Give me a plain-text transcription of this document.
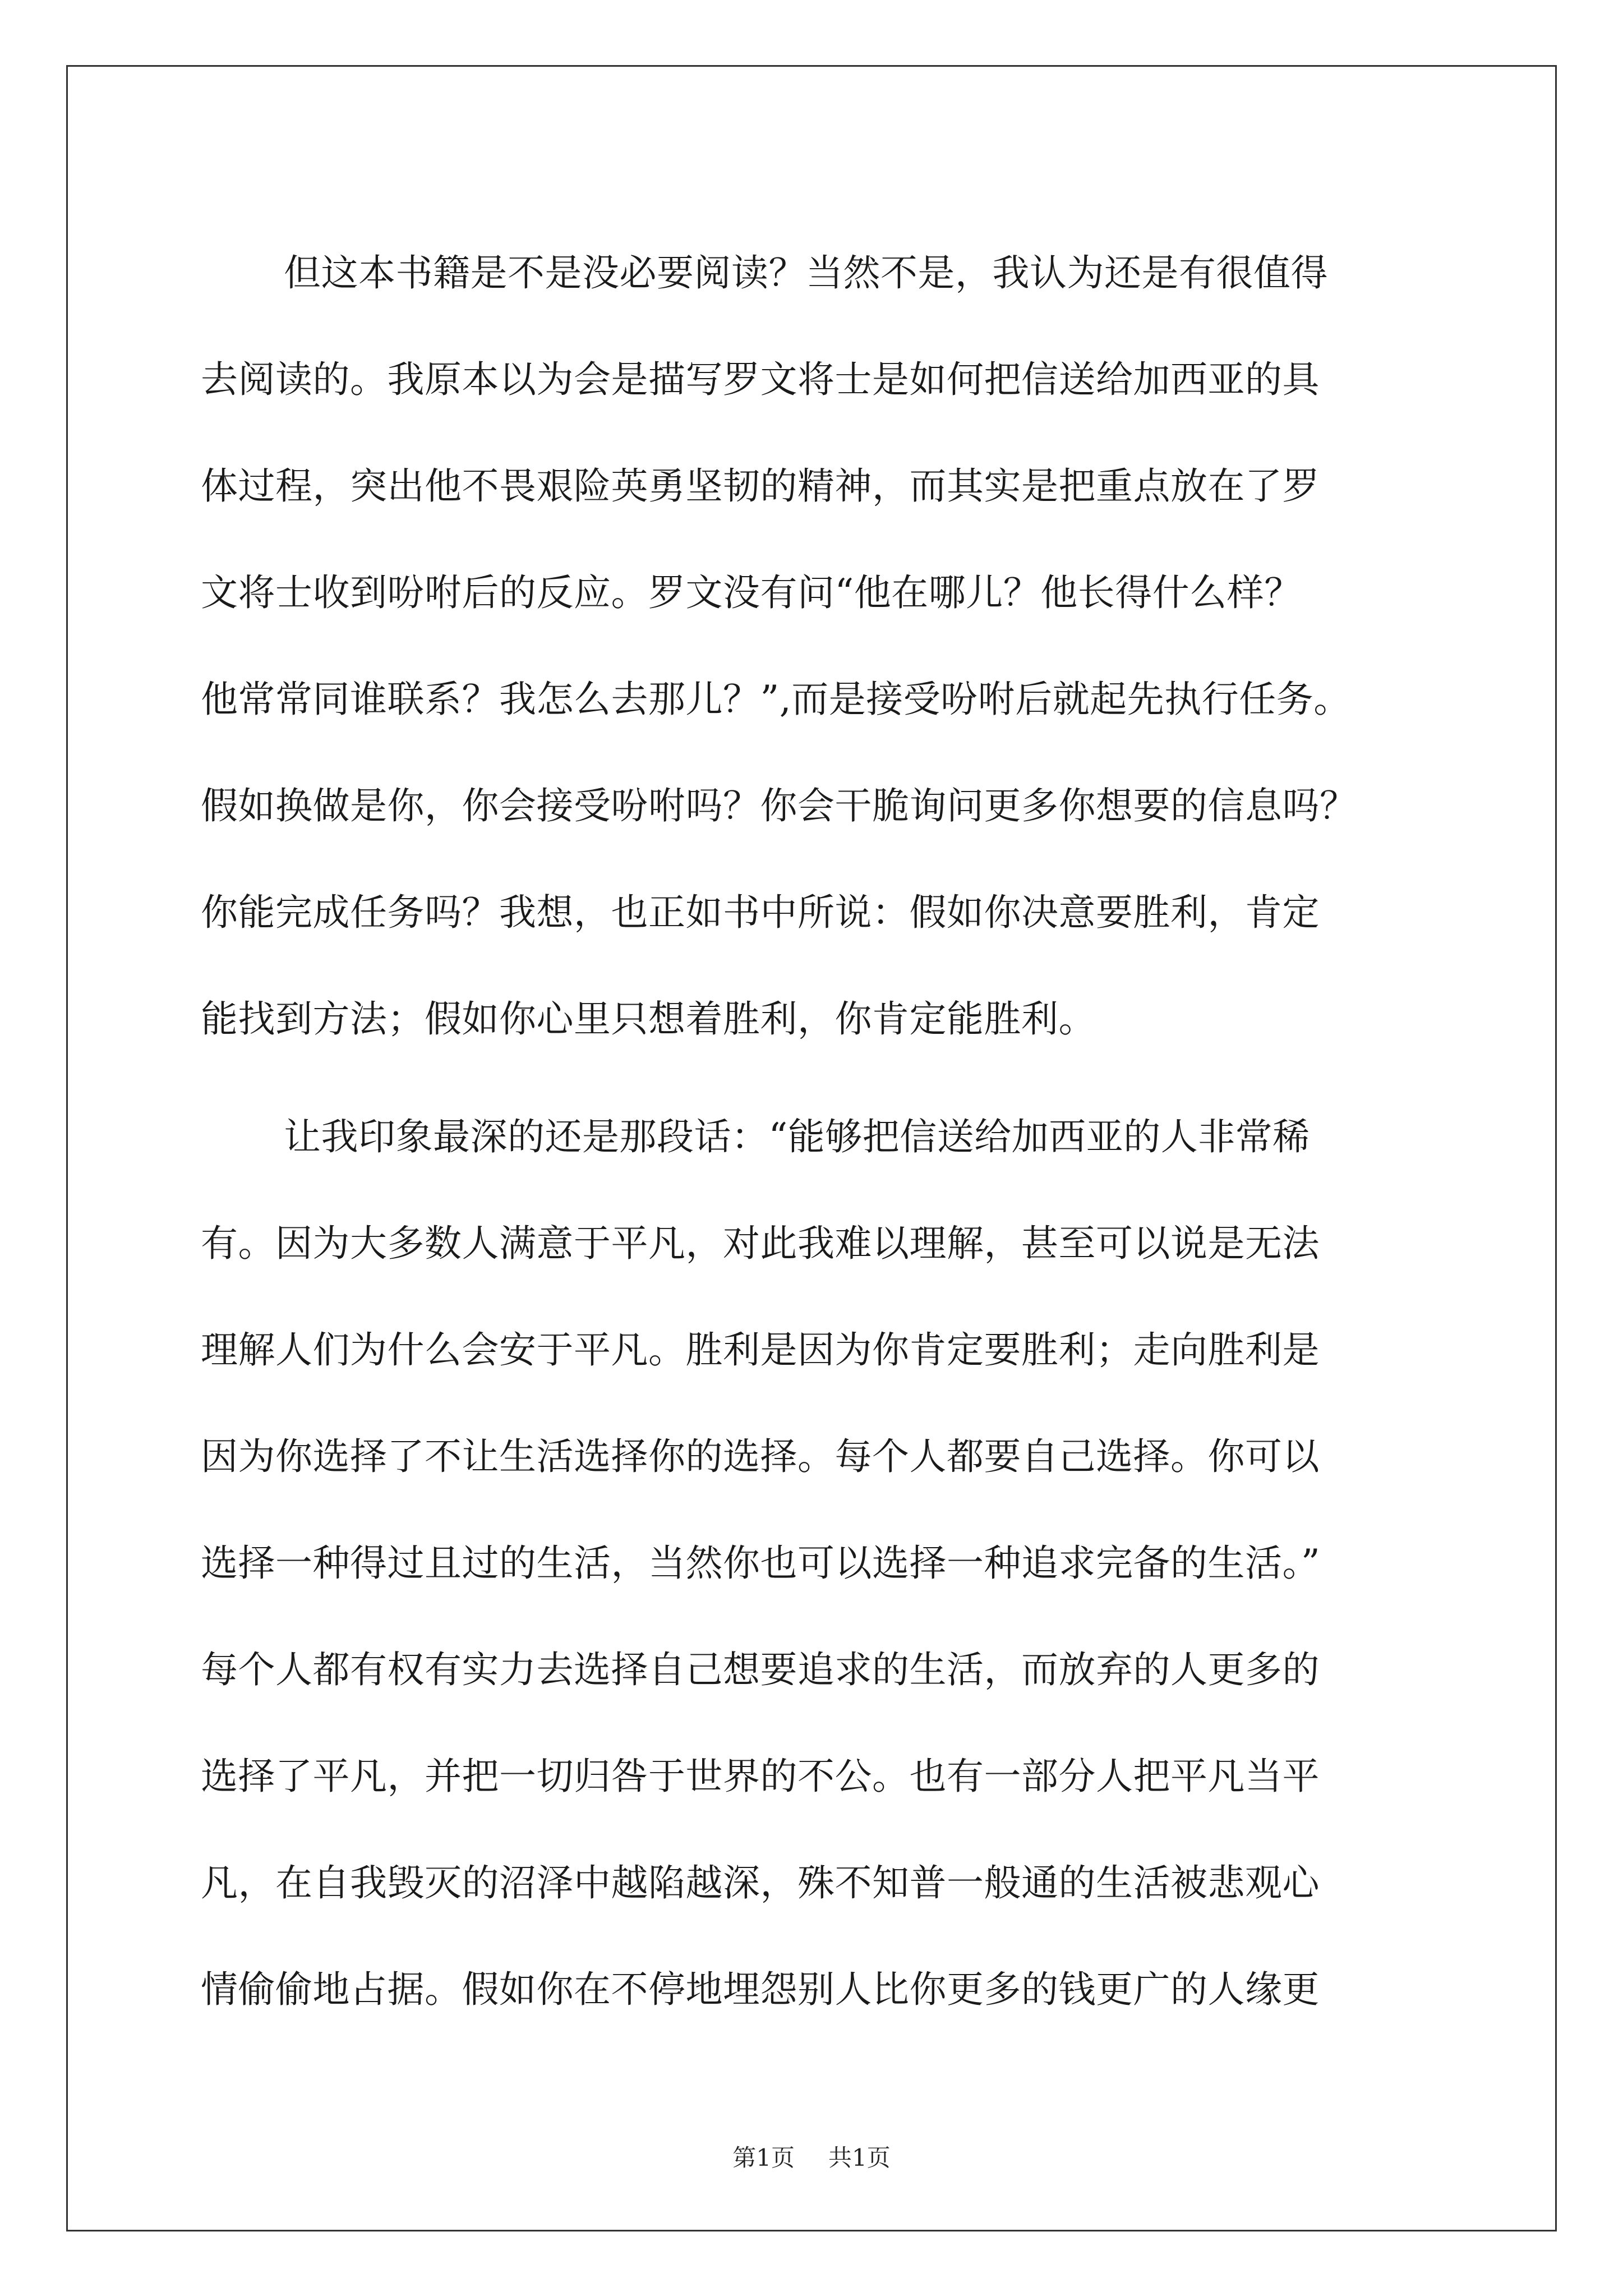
但这本书籍是不是没必要阅读？当然不是，我认为还是有很值得
去阅读的。我原本以为会是描写罗文将士是如何把信送给加西亚的具
体过程，突出他不畏艰险英勇坚韧的精神，而其实是把重点放在了罗
文将士收到吩咐后的反应。罗文没有问“他在哪儿？他长得什么样？
他常常同谁联系？我怎么去那儿？”,而是接受吩咐后就起先执行任务。
假如换做是你，你会接受吩咐吗？你会干脆询问更多你想要的信息吗？
你能完成任务吗？我想，也正如书中所说：假如你决意要胜利，肯定
能找到方法；假如你心里只想着胜利，你肯定能胜利。
让我印象最深的还是那段话：“能够把信送给加西亚的人非常稀
有。因为大多数人满意于平凡，对此我难以理解，甚至可以说是无法
理解人们为什么会安于平凡。胜利是因为你肯定要胜利；走向胜利是
因为你选择了不让生活选择你的选择。每个人都要自己选择。你可以
选择一种得过且过的生活，当然你也可以选择一种追求完备的生活。”
每个人都有权有实力去选择自己想要追求的生活，而放弃的人更多的
选择了平凡，并把一切归咎于世界的不公。也有一部分人把平凡当平
凡，在自我毁灭的沼泽中越陷越深，殊不知普一般通的生活被悲观心
情偷偷地占据。假如你在不停地埋怨别人比你更多的钱更广的人缘更
第1页 共1页
